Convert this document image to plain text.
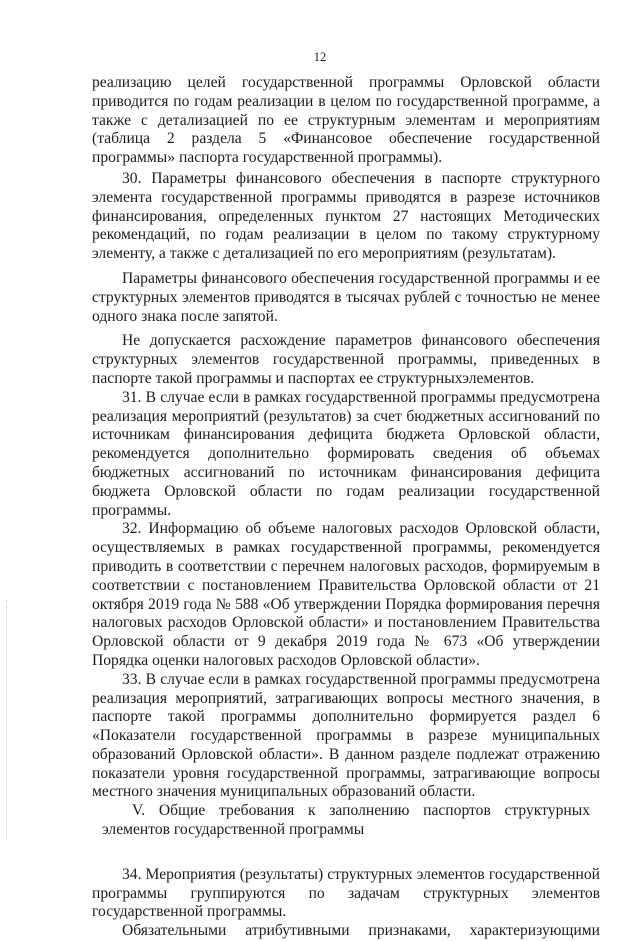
12

реализацию целей государственной программы Орловской области приводится по годам реализации в целом по государственной программе, а также с детализацией по ее структурным элементам и мероприятиям (таблица 2 раздела 5 «Финансовое обеспечение государственной программы» паспорта государственной программы).

30. Параметры финансового обеспечения в паспорте структурного элемента государственной программы приводятся в разрезе источников финансирования, определенных пунктом 27 настоящих Методических рекомендаций, по годам реализации в целом по такому структурному элементу, а также с детализацией по его мероприятиям (результатам).

Параметры финансового обеспечения государственной программы и ее структурных элементов приводятся в тысячах рублей с точностью не менее одного знака после запятой.

Не допускается расхождение параметров финансового обеспечения структурных элементов государственной программы, приведенных в паспорте такой программы и паспортах ее структурныхэлементов.

31. В случае если в рамках государственной программы предусмотрена реализация мероприятий (результатов) за счет бюджетных ассигнований по источникам финансирования дефицита бюджета Орловской области, рекомендуется дополнительно формировать сведения об объемах бюджетных ассигнований по источникам финансирования дефицита бюджета Орловской области по годам реализации государственной программы.

32. Информацию об объеме налоговых расходов Орловской области, осуществляемых в рамках государственной программы, рекомендуется приводить в соответствии с перечнем налоговых расходов, формируемым в соответствии с постановлением Правительства Орловской области от 21 октября 2019 года № 588 «Об утверждении Порядка формирования перечня налоговых расходов Орловской области» и постановлением Правительства Орловской области от 9 декабря 2019 года № 673 «Об утверждении Порядка оценки налоговых расходов Орловской области».

33. В случае если в рамках государственной программы предусмотрена реализация мероприятий, затрагивающих вопросы местного значения, в паспорте такой программы дополнительно формируется раздел 6 «Показатели государственной программы в разрезе муниципальных образований Орловской области». В данном разделе подлежат отражению показатели уровня государственной программы, затрагивающие вопросы местного значения муниципальных образований области.

V. Общие требования к заполнению паспортов структурных элементов государственной программы

34. Мероприятия (результаты) структурных элементов государственной программы группируются по задачам структурных элементов государственной программы.

Обязательными атрибутивными признаками, характеризующими
